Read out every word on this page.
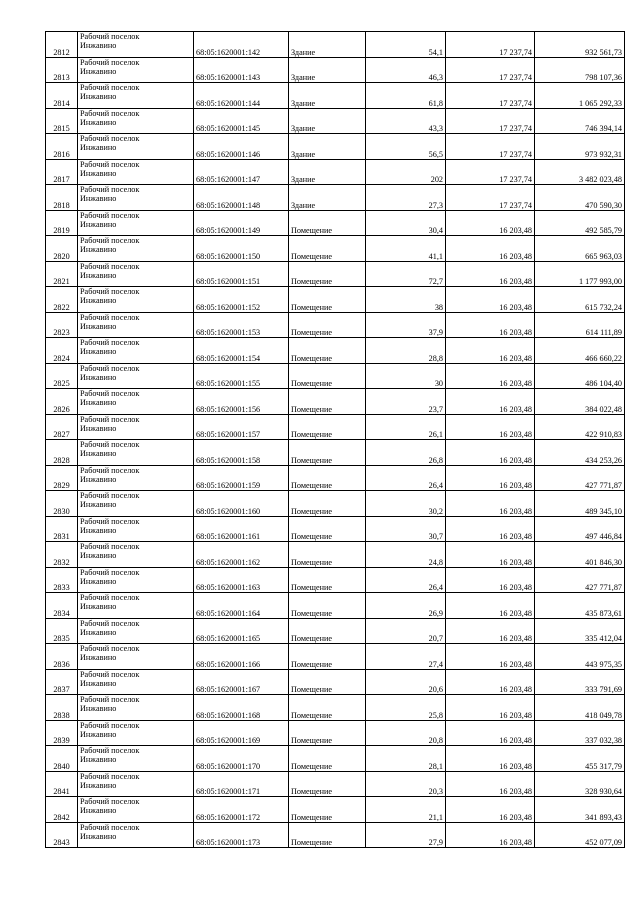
2812	Рабочий поселок
Инжавино	68:05:1620001:142	Здание	54,1	17 237,74	932 561,73
2813	Рабочий поселок
Инжавино	68:05:1620001:143	Здание	46,3	17 237,74	798 107,36
2814	Рабочий поселок
Инжавино	68:05:1620001:144	Здание	61,8	17 237,74	1 065 292,33
2815	Рабочий поселок
Инжавино	68:05:1620001:145	Здание	43,3	17 237,74	746 394,14
2816	Рабочий поселок
Инжавино	68:05:1620001:146	Здание	56,5	17 237,74	973 932,31
2817	Рабочий поселок
Инжавино	68:05:1620001:147	Здание	202	17 237,74	3 482 023,48
2818	Рабочий поселок
Инжавино	68:05:1620001:148	Здание	27,3	17 237,74	470 590,30
2819	Рабочий поселок
Инжавино	68:05:1620001:149	Помещение	30,4	16 203,48	492 585,79
2820	Рабочий поселок
Инжавино	68:05:1620001:150	Помещение	41,1	16 203,48	665 963,03
2821	Рабочий поселок
Инжавино	68:05:1620001:151	Помещение	72,7	16 203,48	1 177 993,00
2822	Рабочий поселок
Инжавино	68:05:1620001:152	Помещение	38	16 203,48	615 732,24
2823	Рабочий поселок
Инжавино	68:05:1620001:153	Помещение	37,9	16 203,48	614 111,89
2824	Рабочий поселок
Инжавино	68:05:1620001:154	Помещение	28,8	16 203,48	466 660,22
2825	Рабочий поселок
Инжавино	68:05:1620001:155	Помещение	30	16 203,48	486 104,40
2826	Рабочий поселок
Инжавино	68:05:1620001:156	Помещение	23,7	16 203,48	384 022,48
2827	Рабочий поселок
Инжавино	68:05:1620001:157	Помещение	26,1	16 203,48	422 910,83
2828	Рабочий поселок
Инжавино	68:05:1620001:158	Помещение	26,8	16 203,48	434 253,26
2829	Рабочий поселок
Инжавино	68:05:1620001:159	Помещение	26,4	16 203,48	427 771,87
2830	Рабочий поселок
Инжавино	68:05:1620001:160	Помещение	30,2	16 203,48	489 345,10
2831	Рабочий поселок
Инжавино	68:05:1620001:161	Помещение	30,7	16 203,48	497 446,84
2832	Рабочий поселок
Инжавино	68:05:1620001:162	Помещение	24,8	16 203,48	401 846,30
2833	Рабочий поселок
Инжавино	68:05:1620001:163	Помещение	26,4	16 203,48	427 771,87
2834	Рабочий поселок
Инжавино	68:05:1620001:164	Помещение	26,9	16 203,48	435 873,61
2835	Рабочий поселок
Инжавино	68:05:1620001:165	Помещение	20,7	16 203,48	335 412,04
2836	Рабочий поселок
Инжавино	68:05:1620001:166	Помещение	27,4	16 203,48	443 975,35
2837	Рабочий поселок
Инжавино	68:05:1620001:167	Помещение	20,6	16 203,48	333 791,69
2838	Рабочий поселок
Инжавино	68:05:1620001:168	Помещение	25,8	16 203,48	418 049,78
2839	Рабочий поселок
Инжавино	68:05:1620001:169	Помещение	20,8	16 203,48	337 032,38
2840	Рабочий поселок
Инжавино	68:05:1620001:170	Помещение	28,1	16 203,48	455 317,79
2841	Рабочий поселок
Инжавино	68:05:1620001:171	Помещение	20,3	16 203,48	328 930,64
2842	Рабочий поселок
Инжавино	68:05:1620001:172	Помещение	21,1	16 203,48	341 893,43
2843	Рабочий поселок
Инжавино	68:05:1620001:173	Помещение	27,9	16 203,48	452 077,09
